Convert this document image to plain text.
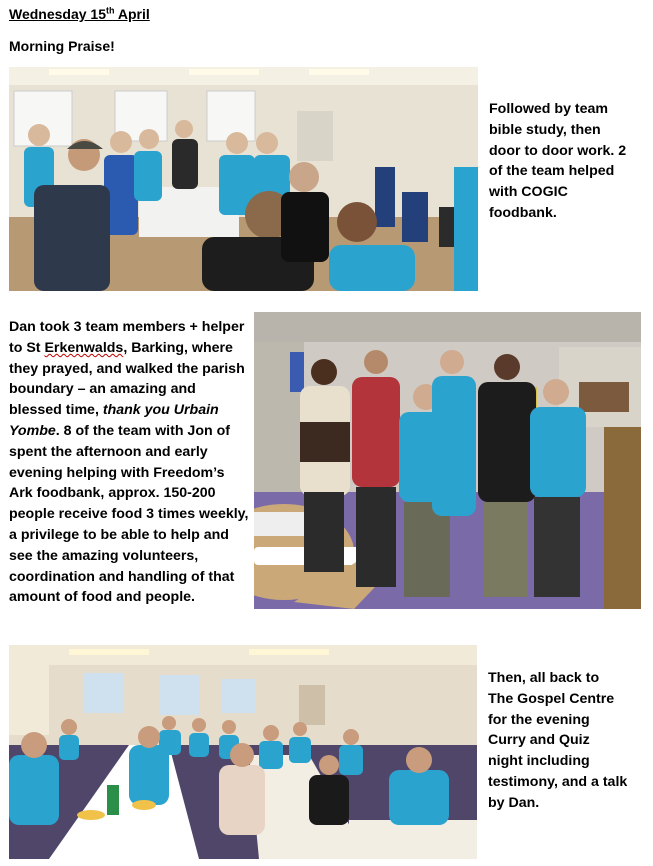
Wednesday 15th April
Morning Praise!
Followed by team bible study, then door to door work. 2 of the team helped with COGIC foodbank.
Dan took 3 team members + helper to St Erkenwalds, Barking, where they prayed, and walked the parish boundary – an amazing and blessed time, thank you Urbain Yombe. 8 of the team with Jon of spent the afternoon and early evening helping with Freedom’s Ark foodbank, approx. 150-200 people receive food 3 times weekly, a privilege to be able to help and see the amazing volunteers, coordination and handling of that amount of food and people.
Then, all back to The Gospel Centre for the evening Curry and Quiz night including testimony, and a talk by Dan.
